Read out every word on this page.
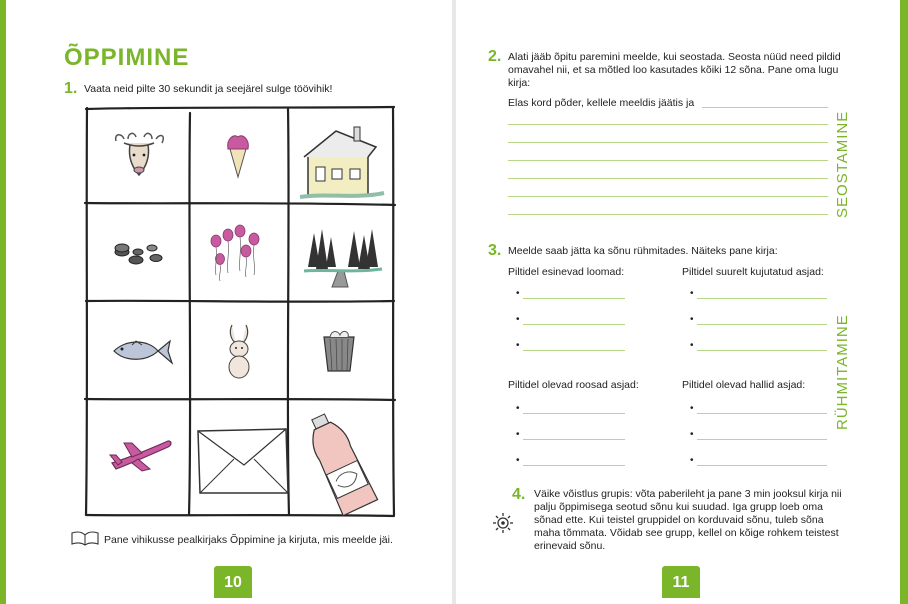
ÕPPIMINE
1. Vaata neid pilte 30 sekundit ja seejärel sulge töövihik!
Pane vihikusse pealkirjaks Õppimine ja kirjuta, mis meelde jäi.
10
2. Alati jääb õpitu paremini meelde, kui seostada. Seosta nüüd need pildid
omavahel nii, et sa mõtled loo kasutades kõiki 12 sõna. Pane oma lugu
kirja:
Elas kord põder, kellele meeldis jäätis ja
SEOSTAMINE
3. Meelde saab jätta ka sõnu rühmitades. Näiteks pane kirja:
Piltidel esinevad loomad:	Piltidel suurelt kujutatud asjad:
•
•
•
•
•
•
Piltidel olevad roosad asjad:	Piltidel olevad hallid asjad:
•
•
•
•
•
•
RÜHMITAMINE
4. Väike võistlus grupis: võta paberileht ja pane 3 min jooksul kirja nii
palju õppimisega seotud sõnu kui suudad. Iga grupp loeb oma
sõnad ette. Kui teistel gruppidel on korduvaid sõnu, tuleb sõna
maha tõmmata. Võidab see grupp, kellel on kõige rohkem teistest
erinevaid sõnu.
11
